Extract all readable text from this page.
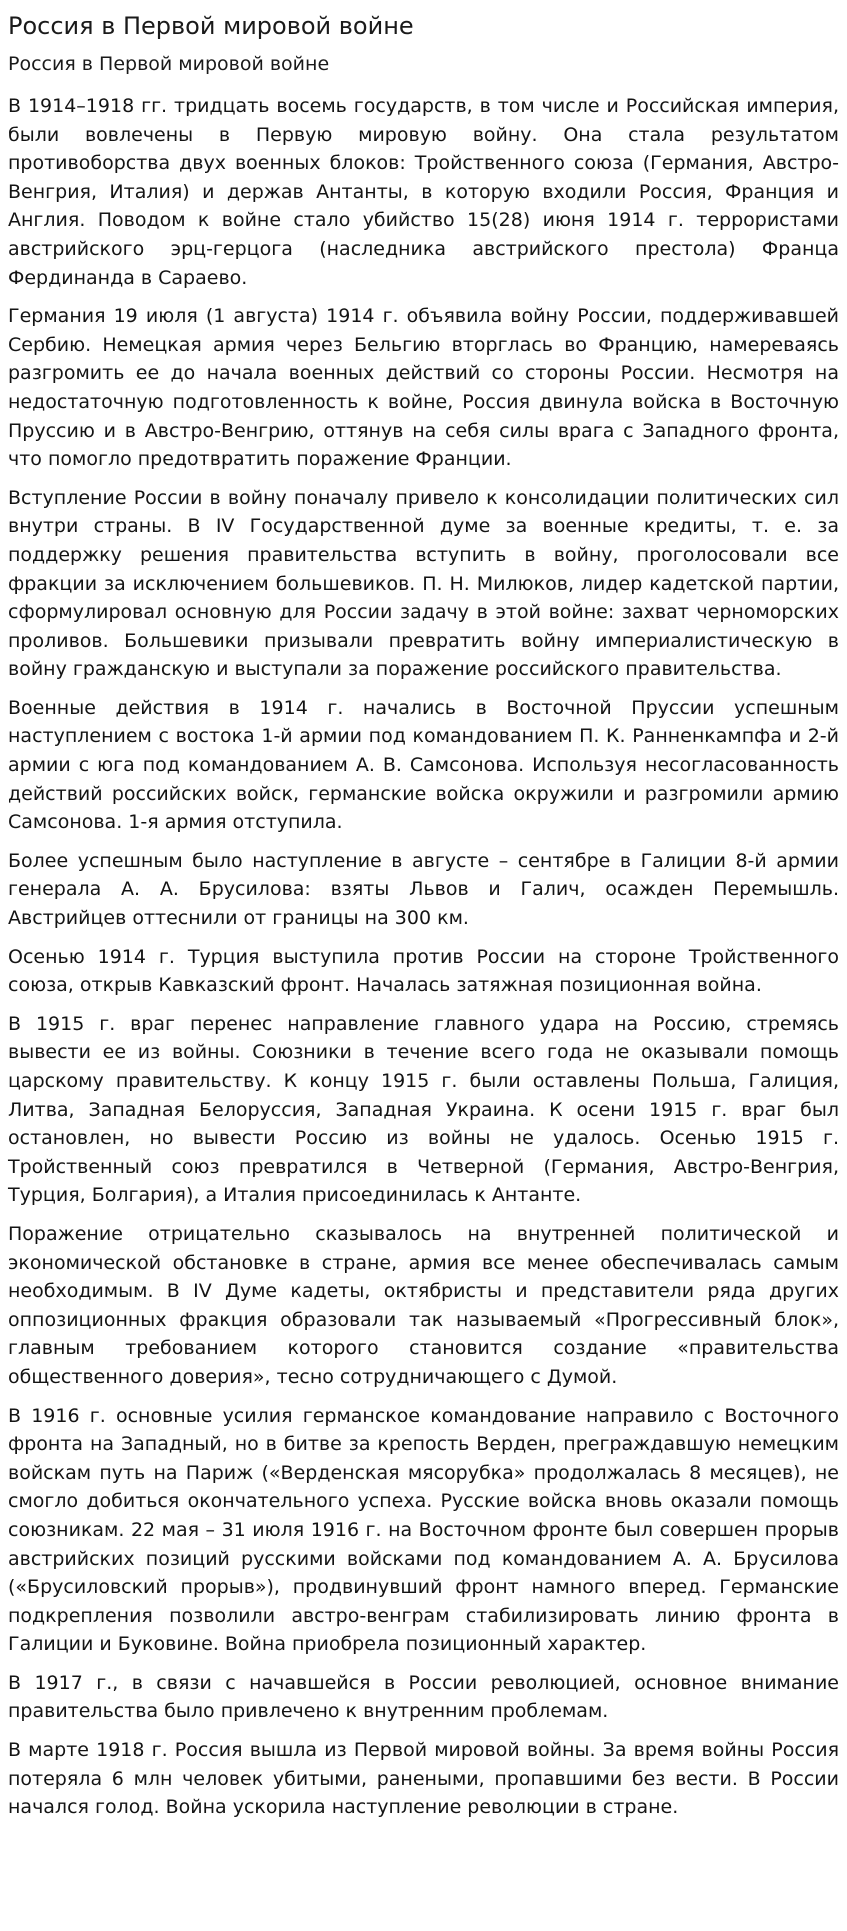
Россия в Первой мировой войне
Россия в Первой мировой войне

В 1914–1918 гг. тридцать восемь государств, в том числе и Российская империя, были вовлечены в Первую мировую войну. Она стала результатом противоборства двух военных блоков: Тройственного союза (Германия, Австро-Венгрия, Италия) и держав Антанты, в которую входили Россия, Франция и Англия. Поводом к войне стало убийство 15(28) июня 1914 г. террористами австрийского эрц-герцога (наследника австрийского престола) Франца Фердинанда в Сараево.

Германия 19 июля (1 августа) 1914 г. объявила войну России, поддерживавшей Сербию. Немецкая армия через Бельгию вторглась во Францию, намереваясь разгромить ее до начала военных действий со стороны России. Несмотря на недостаточную подготовленность к войне, Россия двинула войска в Восточную Пруссию и в Австро-Венгрию, оттянув на себя силы врага с Западного фронта, что помогло предотвратить поражение Франции.

Вступление России в войну поначалу привело к консолидации политических сил внутри страны. В IV Государственной думе за военные кредиты, т. е. за поддержку решения правительства вступить в войну, проголосовали все фракции за исключением большевиков. П. Н. Милюков, лидер кадетской партии, сформулировал основную для России задачу в этой войне: захват черноморских проливов. Большевики призывали превратить войну империалистическую в войну гражданскую и выступали за поражение российского правительства.

Военные действия в 1914 г. начались в Восточной Пруссии успешным наступлением с востока 1-й армии под командованием П. К. Ранненкампфа и 2-й армии с юга под командованием А. В. Самсонова. Используя несогласованность действий российских войск, германские войска окружили и разгромили армию Самсонова. 1-я армия отступила.

Более успешным было наступление в августе – сентябре в Галиции 8-й армии генерала А. А. Брусилова: взяты Львов и Галич, осажден Перемышль. Австрийцев оттеснили от границы на 300 км.

Осенью 1914 г. Турция выступила против России на стороне Тройственного союза, открыв Кавказский фронт. Началась затяжная позиционная война.

В 1915 г. враг перенес направление главного удара на Россию, стремясь вывести ее из войны. Союзники в течение всего года не оказывали помощь царскому правительству. К концу 1915 г. были оставлены Польша, Галиция, Литва, Западная Белоруссия, Западная Украина. К осени 1915 г. враг был остановлен, но вывести Россию из войны не удалось. Осенью 1915 г. Тройственный союз превратился в Четверной (Германия, Австро-Венгрия, Турция, Болгария), а Италия присоединилась к Антанте.

Поражение отрицательно сказывалось на внутренней политической и экономической обстановке в стране, армия все менее обеспечивалась самым необходимым. В IV Думе кадеты, октябристы и представители ряда других оппозиционных фракция образовали так называемый «Прогрессивный блок», главным требованием которого становится создание «правительства общественного доверия», тесно сотрудничающего с Думой.

В 1916 г. основные усилия германское командование направило с Восточного фронта на Западный, но в битве за крепость Верден, преграждавшую немецким войскам путь на Париж («Верденская мясорубка» продолжалась 8 месяцев), не смогло добиться окончательного успеха. Русские войска вновь оказали помощь союзникам. 22 мая – 31 июля 1916 г. на Восточном фронте был совершен прорыв австрийских позиций русскими войсками под командованием А. А. Брусилова («Брусиловский прорыв»), продвинувший фронт намного вперед. Германские подкрепления позволили австро-венграм стабилизировать линию фронта в Галиции и Буковине. Война приобрела позиционный характер.

В 1917 г., в связи с начавшейся в России революцией, основное внимание правительства было привлечено к внутренним проблемам.

В марте 1918 г. Россия вышла из Первой мировой войны. За время войны Россия потеряла 6 млн человек убитыми, ранеными, пропавшими без вести. В России начался голод. Война ускорила наступление революции в стране.
